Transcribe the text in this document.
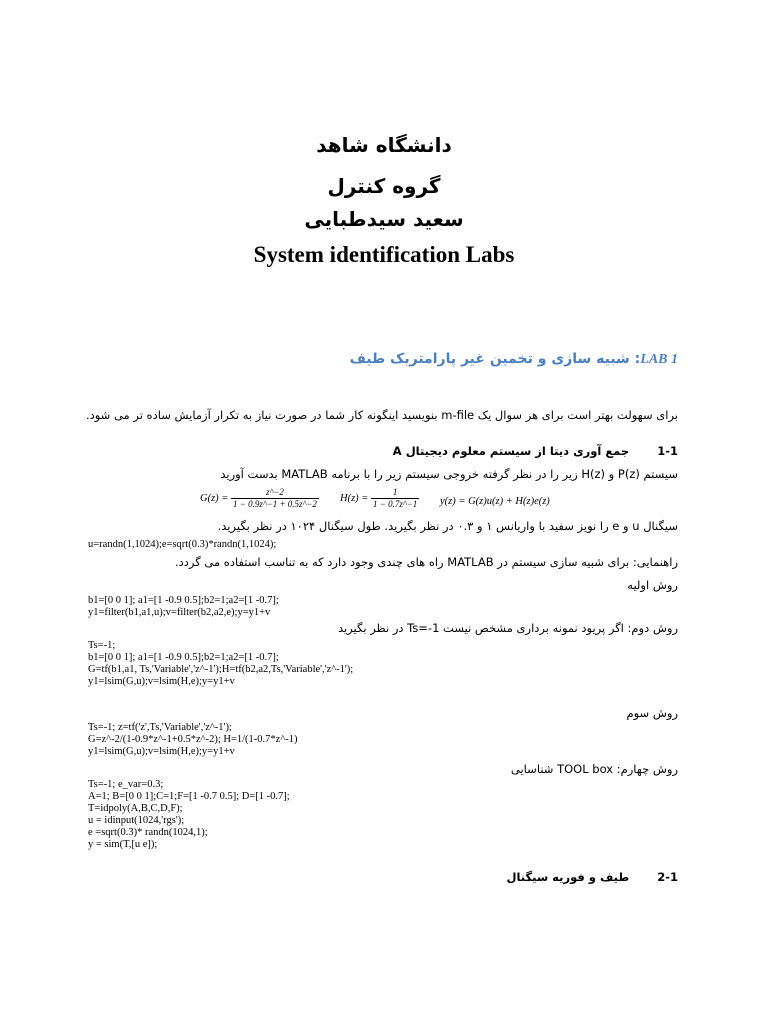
دانشگاه شاهد
گروه کنترل
سعید سیدطبایی
System identification Labs
: شبیه سازی و تخمین غیر پارامتریک طیفLAB 1
برای سهولت بهتر است برای هر سوال یک m-file بنویسید اینگونه کار شما در صورت نیاز به تکرار آزمایش ساده تر می شود.
جمع آوری دیتا از سیستم معلوم دیجیتال A 1-1
سیستم P(z) و H(z) زیر را در نظر گرفته خروجی سیستم زیر را با برنامه MATLAB بدست آورید
$G(z) = \frac{z\^{}-2}{1 - 0.9z\^{}-1 + 0.5z\^{}-2} H(z) = \frac{1}{1 - 0.7z\^{}-1} y(z) = G(z)u(z) + H(z)e(z)$
سیگنال u و e را نویز سفید با واریانس ۱ و ۰.۳ در نظر بگیرید. طول سیگنال ۱۰۲۴ در نظر بگیرید.
u=randn(1,1024);e=sqrt(0.3)*randn(1,1024);
راهنمایی: برای شبیه سازی سیستم در MATLAB راه های چندی وجود دارد که به تناسب استفاده می گردد.
روش اولیه
b1=[0 0 1]; a1=[1 -0.9 0.5];b2=1;a2=[1 -0.7];
y1=filter(b1,a1,u);v=filter(b2,a2,e);y=y1+v
روش دوم: اگر پریود نمونه برداری مشخص نیست Ts=-1 در نظر بگیرید
Ts=-1;
b1=[0 0 1]; a1=[1 -0.9 0.5];b2=1;a2=[1 -0.7];
G=tf(b1,a1, Ts,'Variable','z^-1');H=tf(b2,a2,Ts,'Variable','z^-1');
y1=lsim(G,u);v=lsim(H,e);y=y1+v
روش سوم
Ts=-1; z=tf('z',Ts,'Variable','z^-1');
G=z^-2/(1-0.9*z^-1+0.5*z^-2); H=1/(1-0.7*z^-1)
y1=lsim(G,u);v=lsim(H,e);y=y1+v
روش چهارم: TOOL box شناسایی
Ts=-1; e_var=0.3;
A=1; B=[0 0 1];C=1;F=[1 -0.7 0.5]; D=[1 -0.7];
T=idpoly(A,B,C,D,F);
u = idinput(1024,'rgs');
e =sqrt(0.3)* randn(1024,1);
y = sim(T,[u e]);
طیف و فوریه سیگنال 2-1
